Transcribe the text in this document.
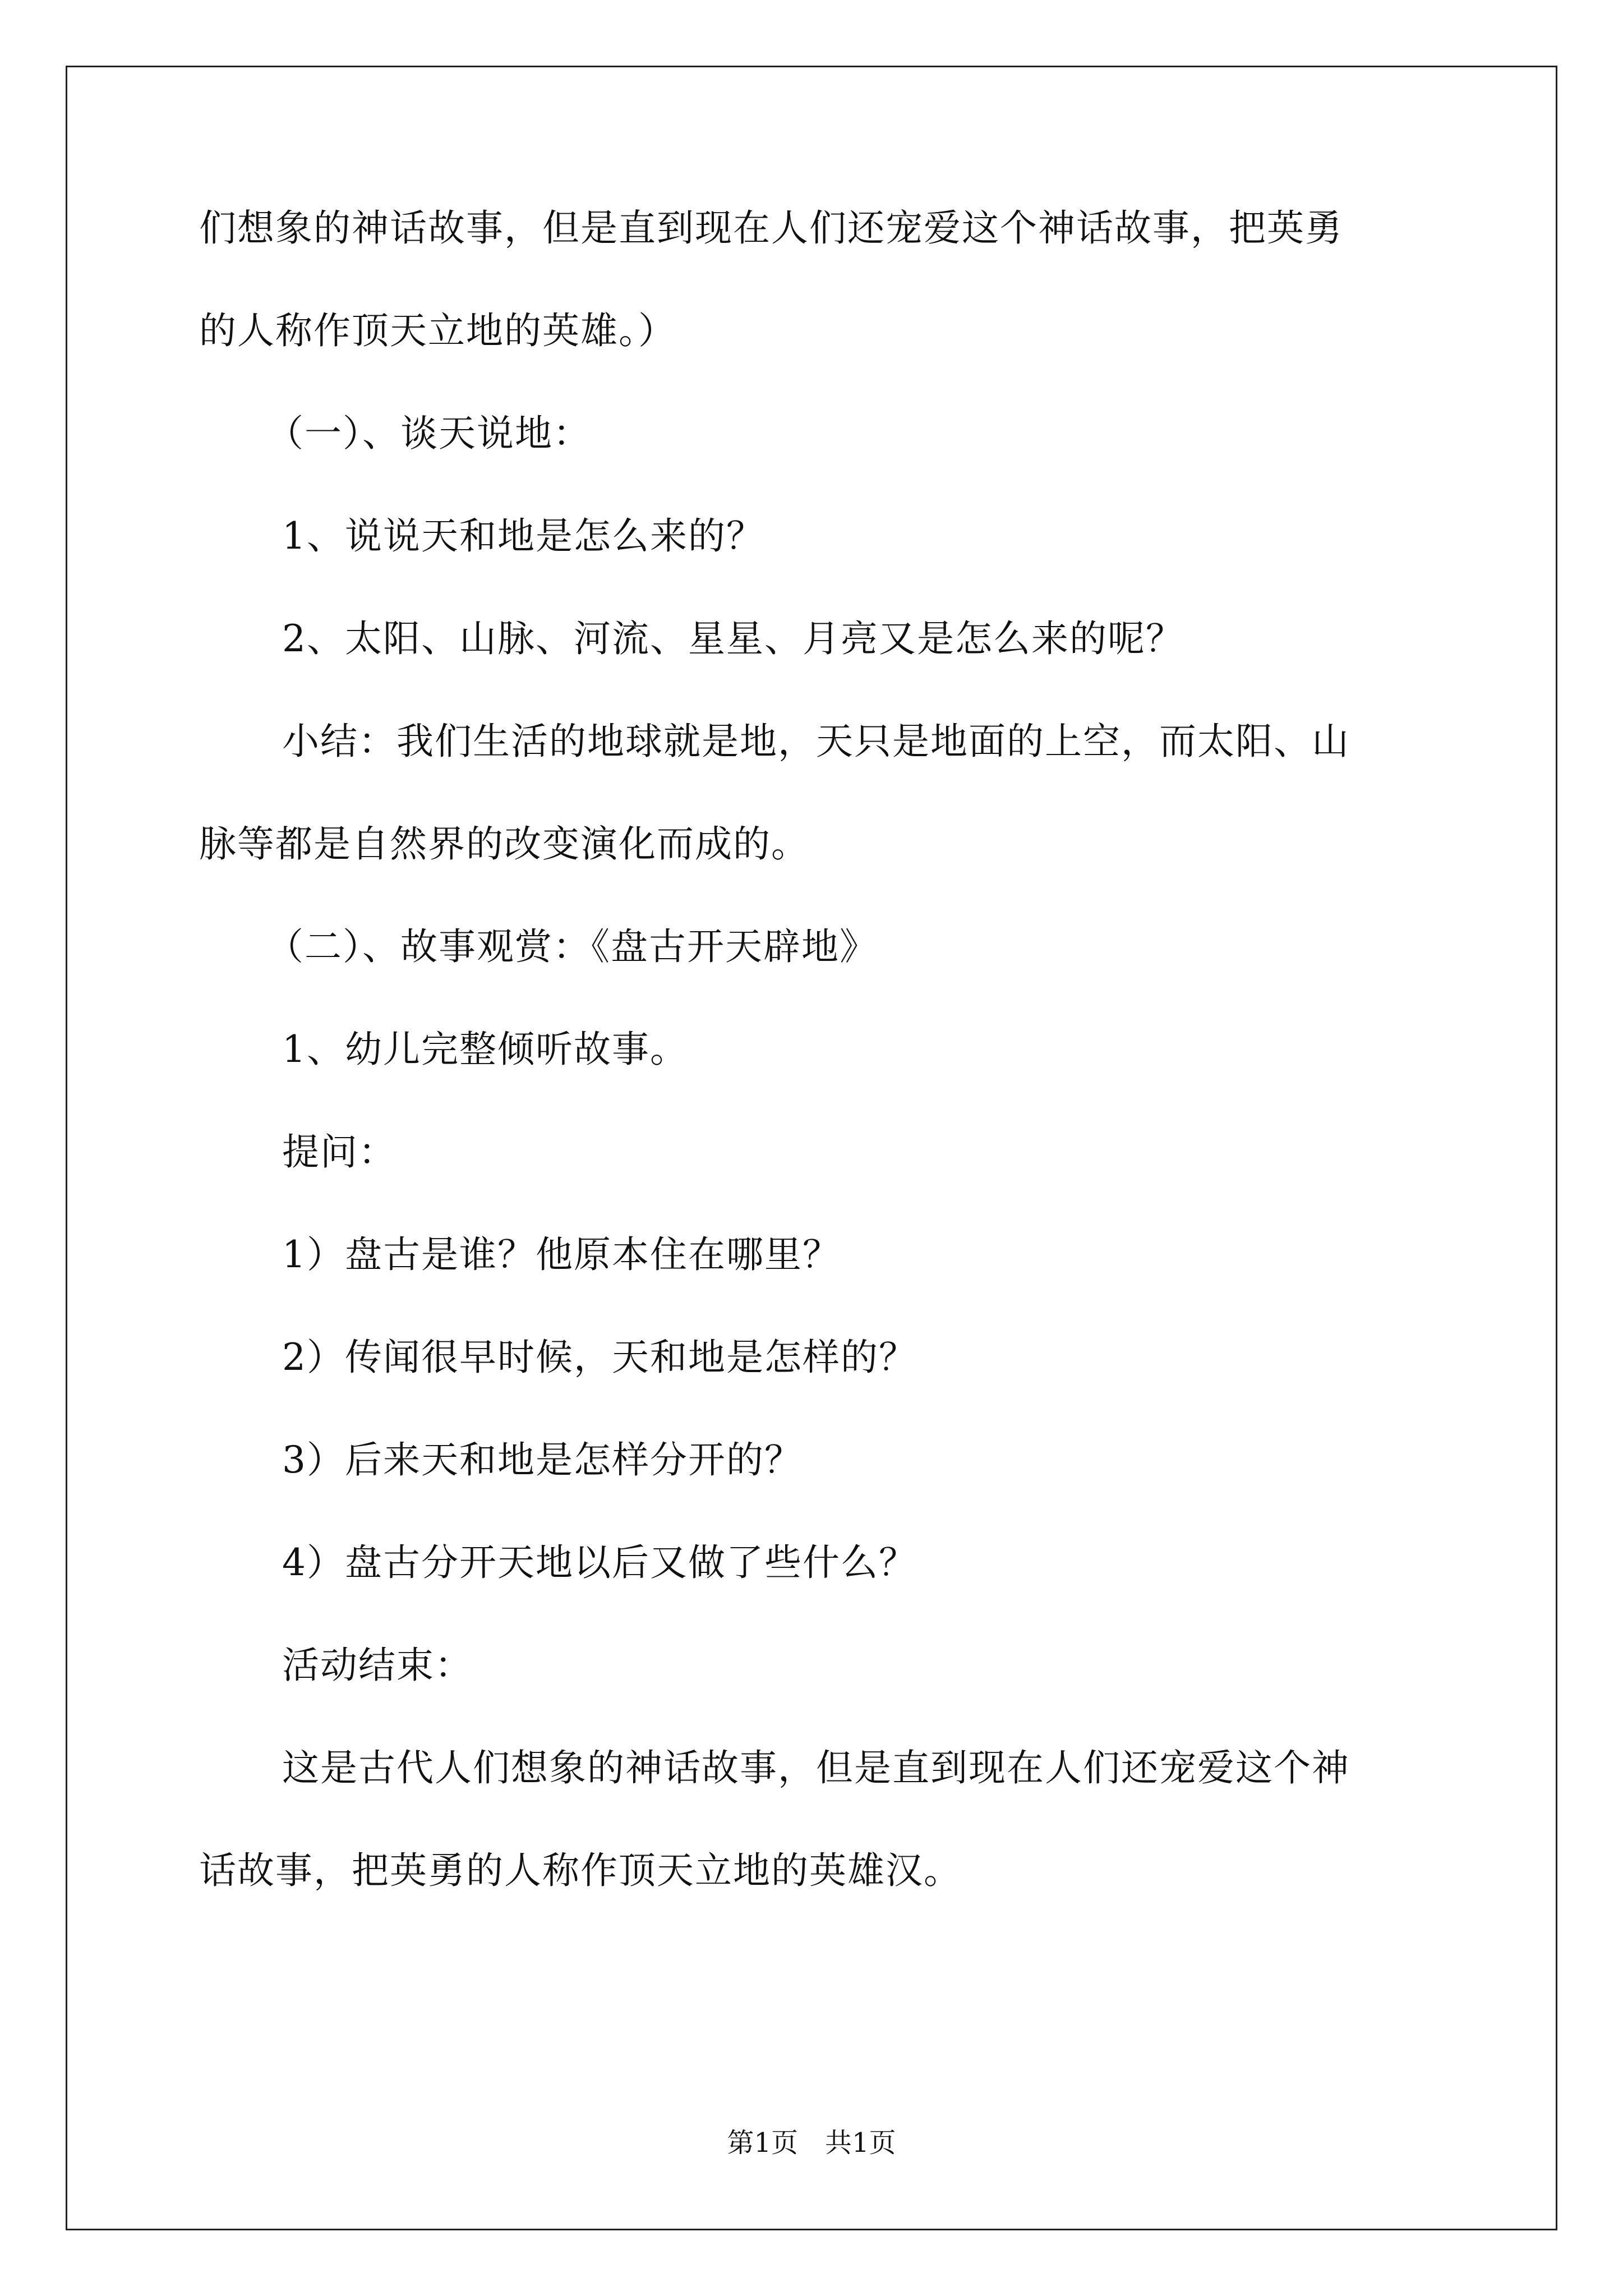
们想象的神话故事，但是直到现在人们还宠爱这个神话故事，把英勇
的人称作顶天立地的英雄。）
（一）、谈天说地：
1、说说天和地是怎么来的？
2、太阳、山脉、河流、星星、月亮又是怎么来的呢？
小结：我们生活的地球就是地，天只是地面的上空，而太阳、山
脉等都是自然界的改变演化而成的。
（二）、故事观赏：《盘古开天辟地》
1、幼儿完整倾听故事。
提问：
1）盘古是谁？他原本住在哪里？
2）传闻很早时候，天和地是怎样的？
3）后来天和地是怎样分开的？
4）盘古分开天地以后又做了些什么？
活动结束：
这是古代人们想象的神话故事，但是直到现在人们还宠爱这个神
话故事，把英勇的人称作顶天立地的英雄汉。
第1页　共1页
